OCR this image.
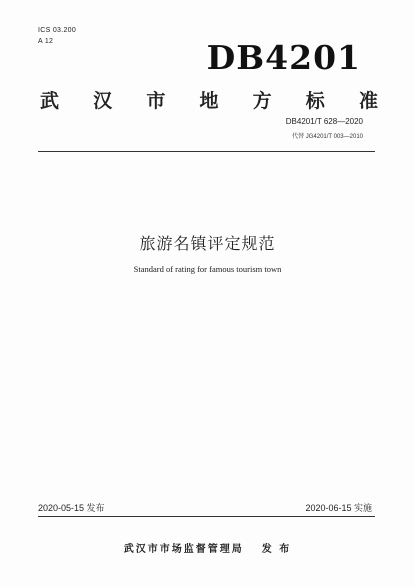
ICS 03.200
A 12	DB4201
武 汉 市 地 方 标 准
DB4201/T 628—2020
代替 JG4201/T 003—2010
旅游名镇评定规范
Standard of rating for famous tourism town
2020-05-15 发布	2020-06-15 实施
武汉市市场监督管理局 发 布
